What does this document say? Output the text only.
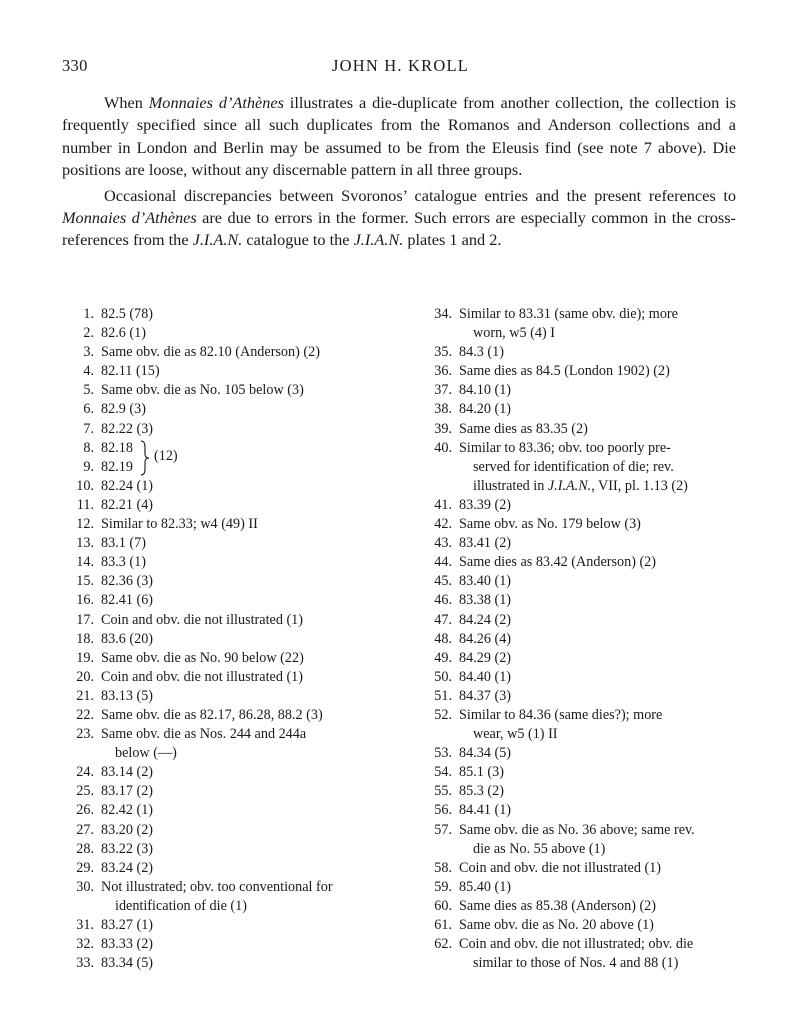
330	JOHN H. KROLL

When Monnaies d’Athènes illustrates a die-duplicate from another collection, the collection is frequently specified since all such duplicates from the Romanos and Anderson collections and a number in London and Berlin may be assumed to be from the Eleusis find (see note 7 above). Die positions are loose, without any discernable pattern in all three groups.

Occasional discrepancies between Svoronos’ catalogue entries and the present references to Monnaies d’Athènes are due to errors in the former. Such errors are especially common in the cross-references from the J.I.A.N. catalogue to the J.I.A.N. plates 1 and 2.

1. 82.5 (78)
2. 82.6 (1)
3. Same obv. die as 82.10 (Anderson) (2)
4. 82.11 (15)
5. Same obv. die as No. 105 below (3)
6. 82.9 (3)
7. 82.22 (3)
8. 82.18
9. 82.19
(12)
10. 82.24 (1)
11. 82.21 (4)
12. Similar to 82.33; w4 (49) II
13. 83.1 (7)
14. 83.3 (1)
15. 82.36 (3)
16. 82.41 (6)
17. Coin and obv. die not illustrated (1)
18. 83.6 (20)
19. Same obv. die as No. 90 below (22)
20. Coin and obv. die not illustrated (1)
21. 83.13 (5)
22. Same obv. die as 82.17, 86.28, 88.2 (3)
23. Same obv. die as Nos. 244 and 244a
below (—)
24. 83.14 (2)
25. 83.17 (2)
26. 82.42 (1)
27. 83.20 (2)
28. 83.22 (3)
29. 83.24 (2)
30. Not illustrated; obv. too conventional for
identification of die (1)
31. 83.27 (1)
32. 83.33 (2)
33. 83.34 (5)
34. Similar to 83.31 (same obv. die); more
worn, w5 (4) I
35. 84.3 (1)
36. Same dies as 84.5 (London 1902) (2)
37. 84.10 (1)
38. 84.20 (1)
39. Same dies as 83.35 (2)
40. Similar to 83.36; obv. too poorly pre-
served for identification of die; rev.
illustrated in J.I.A.N., VII, pl. 1.13 (2)
41. 83.39 (2)
42. Same obv. as No. 179 below (3)
43. 83.41 (2)
44. Same dies as 83.42 (Anderson) (2)
45. 83.40 (1)
46. 83.38 (1)
47. 84.24 (2)
48. 84.26 (4)
49. 84.29 (2)
50. 84.40 (1)
51. 84.37 (3)
52. Similar to 84.36 (same dies?); more
wear, w5 (1) II
53. 84.34 (5)
54. 85.1 (3)
55. 85.3 (2)
56. 84.41 (1)
57. Same obv. die as No. 36 above; same rev.
die as No. 55 above (1)
58. Coin and obv. die not illustrated (1)
59. 85.40 (1)
60. Same dies as 85.38 (Anderson) (2)
61. Same obv. die as No. 20 above (1)
62. Coin and obv. die not illustrated; obv. die
similar to those of Nos. 4 and 88 (1)
